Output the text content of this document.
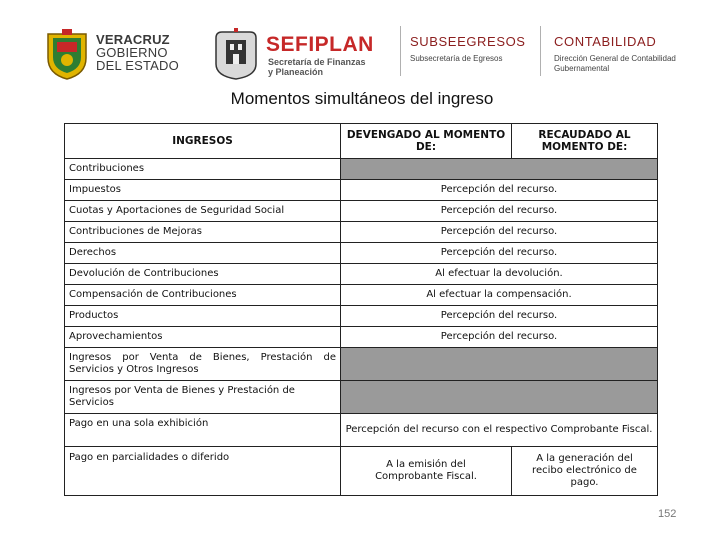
VERACRUZ
GOBIERNO
DEL ESTADO
SEFIPLAN
Secretaría de Finanzas
y Planeación
SUBSEEGRESOS
Subsecretaría de Egresos
CONTABILIDAD
Dirección General de Contabilidad
Gubernamental
Momentos simultáneos del ingreso
INGRESOS	DEVENGADO AL MOMENTO DE:	RECAUDADO AL MOMENTO DE:
Contribuciones		
Impuestos	Percepción del recurso.	
Cuotas y Aportaciones de Seguridad Social	Percepción del recurso.	
Contribuciones de Mejoras	Percepción del recurso.	
Derechos	Percepción del recurso.	
Devolución de Contribuciones	Al efectuar la devolución.	
Compensación de Contribuciones	Al efectuar la compensación.	
Productos	Percepción del recurso.	
Aprovechamientos	Percepción del recurso.	
Ingresos por Venta de Bienes, Prestación de Servicios y Otros Ingresos		
Ingresos por Venta de Bienes y Prestación de Servicios		
Pago en una sola exhibición	Percepción del recurso con el respectivo Comprobante Fiscal.	
Pago en parcialidades o diferido	A la emisión del Comprobante Fiscal.	A la generación del recibo electrónico de pago.
152
